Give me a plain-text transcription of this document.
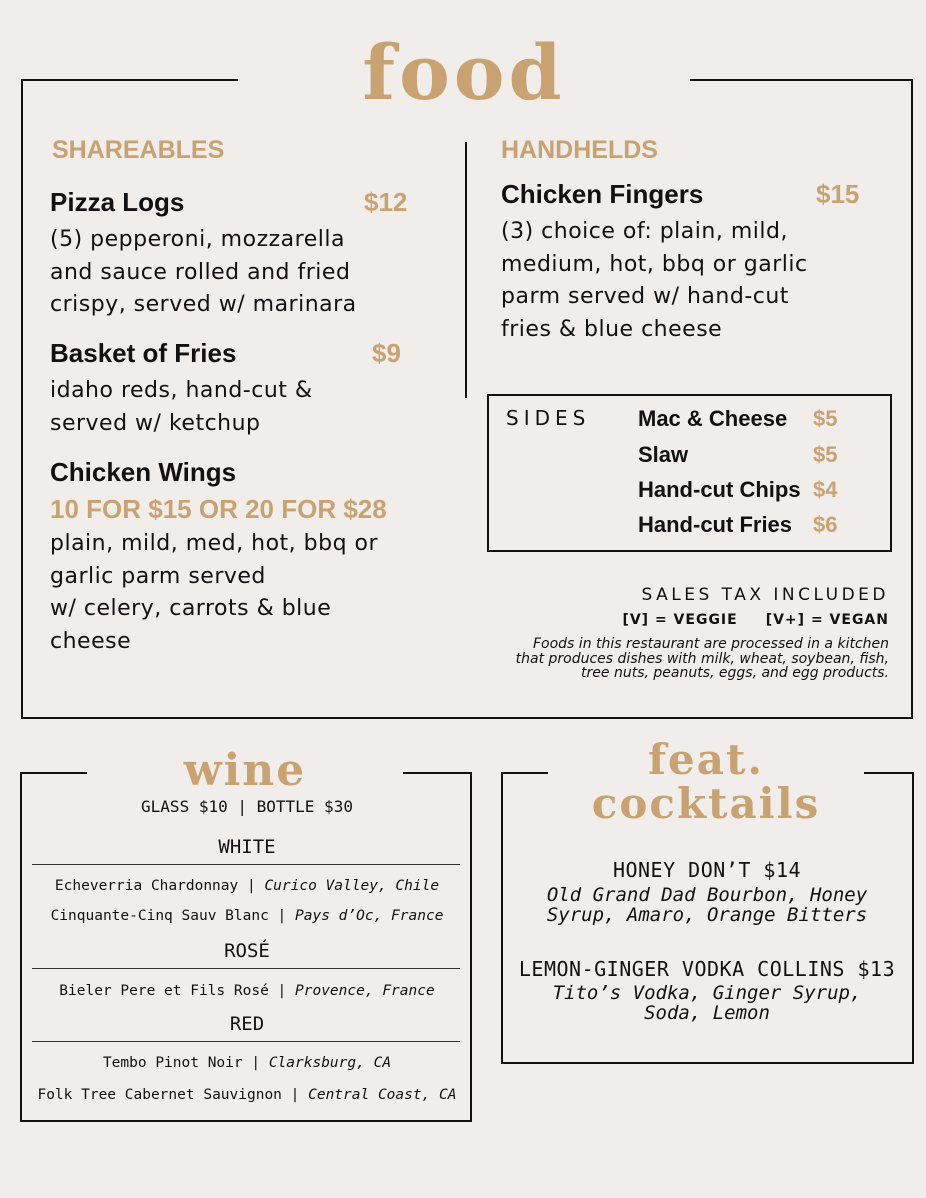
food
SHAREABLES
Pizza Logs	$12
(5) pepperoni, mozzarella
and sauce rolled and fried
crispy, served w/ marinara
Basket of Fries	$9
idaho reds, hand-cut &
served w/ ketchup
Chicken Wings
10 FOR $15 OR 20 FOR $28
plain, mild, med, hot, bbq or
garlic parm served
w/ celery, carrots & blue
cheese
HANDHELDS
Chicken Fingers	$15
(3) choice of: plain, mild,
medium, hot, bbq or garlic
parm served w/ hand-cut
fries & blue cheese
SIDES Mac & Cheese $5
Slaw	$5
Hand-cut Chips $4
Hand-cut Fries $6
SALES TAX INCLUDED
[V] = VEGGIE [V+] = VEGAN
Foods in this restaurant are processed in a kitchen
that produces dishes with milk, wheat, soybean, fish,
tree nuts, peanuts, eggs, and egg products.
wine
GLASS $10 | BOTTLE $30
WHITE
Echeverria Chardonnay | Curico Valley, Chile
Cinquante-Cinq Sauv Blanc | Pays d’Oc, France
ROSÉ
Bieler Pere et Fils Rosé | Provence, France
RED
Tembo Pinot Noir | Clarksburg, CA
Folk Tree Cabernet Sauvignon | Central Coast, CA
feat.
cocktails
HONEY DON’T $14
Old Grand Dad Bourbon, Honey
Syrup, Amaro, Orange Bitters
LEMON-GINGER VODKA COLLINS $13
Tito’s Vodka, Ginger Syrup,
Soda, Lemon
